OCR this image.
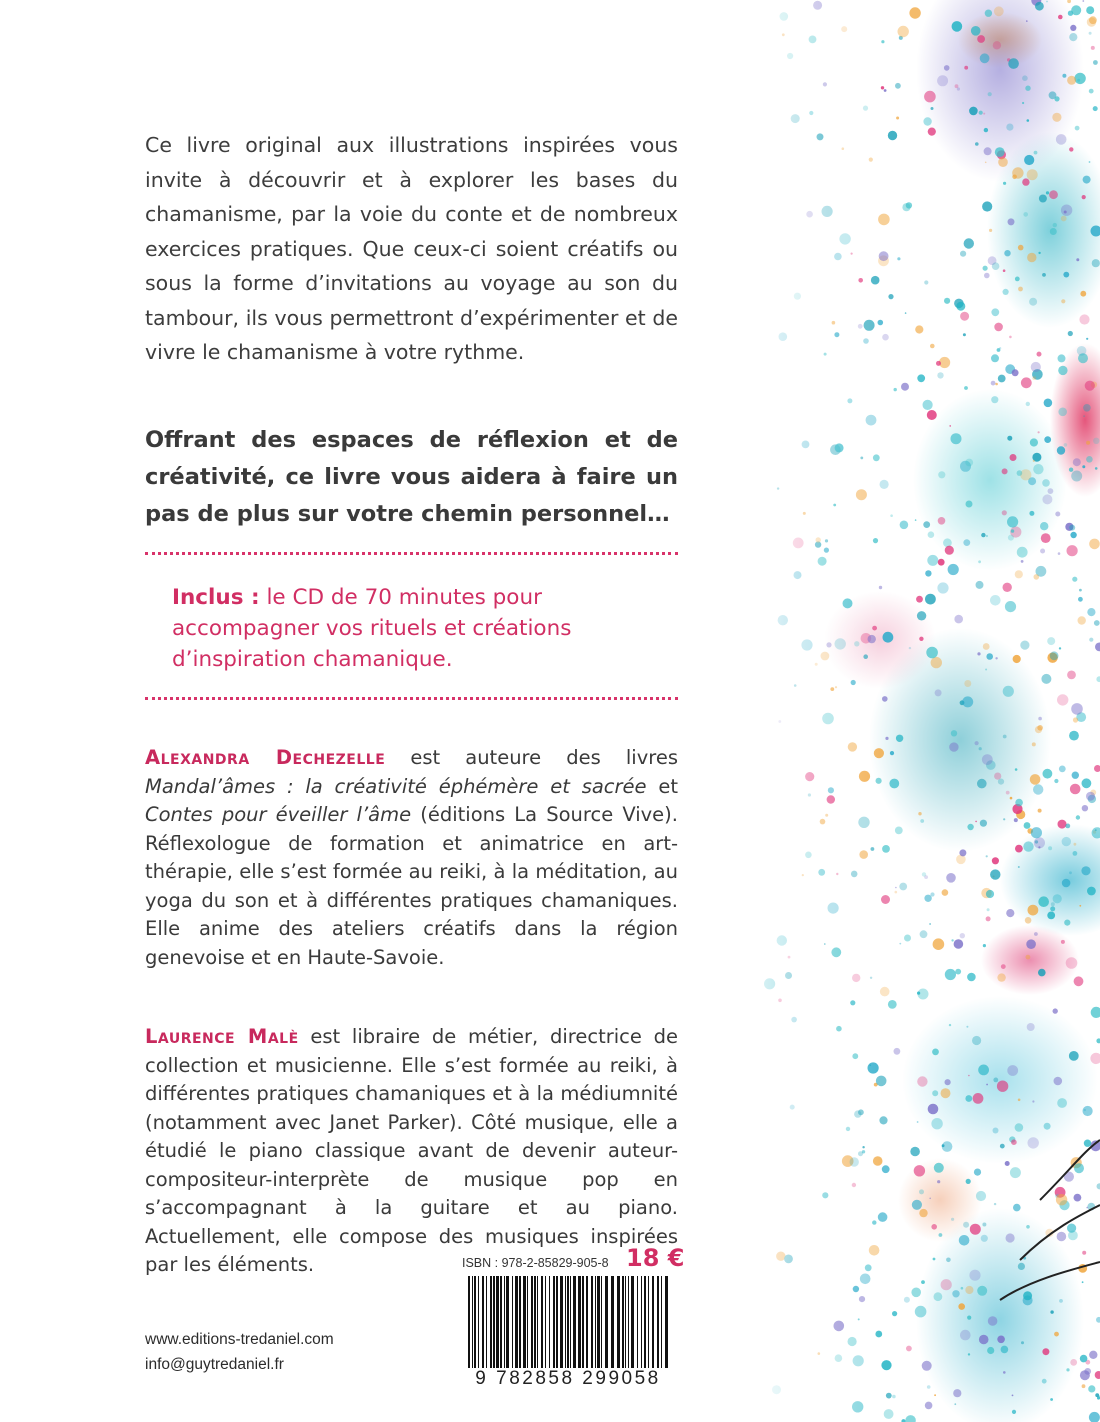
Ce livre original aux illustrations inspirées vous invite à découvrir et à explorer les bases du chamanisme, par la voie du conte et de nombreux exercices pratiques. Que ceux-ci soient créatifs ou sous la forme d’invitations au voyage au son du tambour, ils vous permettront d’expérimenter et de vivre le chamanisme à votre rythme.
Offrant des espaces de réflexion et de créativité, ce livre vous aidera à faire un pas de plus sur votre chemin personnel…
Inclus : le CD de 70 minutes pour accompagner vos rituels et créations d’inspiration chamanique.
Alexandra Dechezelle est auteure des livres Mandal’âmes : la créativité éphémère et sacrée et Contes pour éveiller l’âme (éditions La Source Vive). Réflexologue de formation et animatrice en art-thérapie, elle s’est formée au reiki, à la méditation, au yoga du son et à différentes pratiques chamaniques. Elle anime des ateliers créatifs dans la région genevoise et en Haute-Savoie.
Laurence Malè est libraire de métier, directrice de collection et musicienne. Elle s’est formée au reiki, à différentes pratiques chamaniques et à la médiumnité (notamment avec Janet Parker). Côté musique, elle a étudié le piano classique avant de devenir auteur-compositeur-interprète de musique pop en s’accompagnant à la guitare et au piano. Actuellement, elle compose des musiques inspirées par les éléments.	ISBN : 978-2-85829-905-8 18 €
9 782858 299058
www.editions-tredaniel.com
info@guytredaniel.fr
